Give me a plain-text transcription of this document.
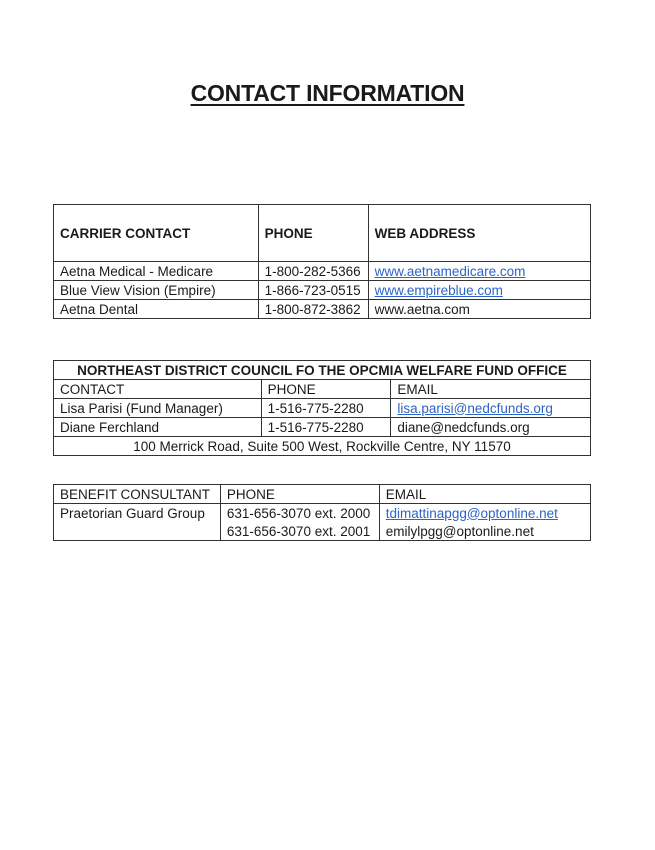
CONTACT INFORMATION
CARRIER CONTACT	PHONE	WEB ADDRESS
Aetna Medical - Medicare	1-800-282-5366	www.aetnamedicare.com
Blue View Vision (Empire)	1-866-723-0515	www.empireblue.com
Aetna Dental	1-800-872-3862	www.aetna.com
NORTHEAST DISTRICT COUNCIL FO THE OPCMIA WELFARE FUND OFFICE		
CONTACT	PHONE	EMAIL
Lisa Parisi (Fund Manager)	1-516-775-2280	lisa.parisi@nedcfunds.org
Diane Ferchland	1-516-775-2280	diane@nedcfunds.org
100 Merrick Road, Suite 500 West, Rockville Centre, NY 11570		
BENEFIT CONSULTANT	PHONE	EMAIL
Praetorian Guard Group	631-656-3070 ext. 2000	tdimattinapgg@optonline.net
	631-656-3070 ext. 2001	emilylpgg@optonline.net
